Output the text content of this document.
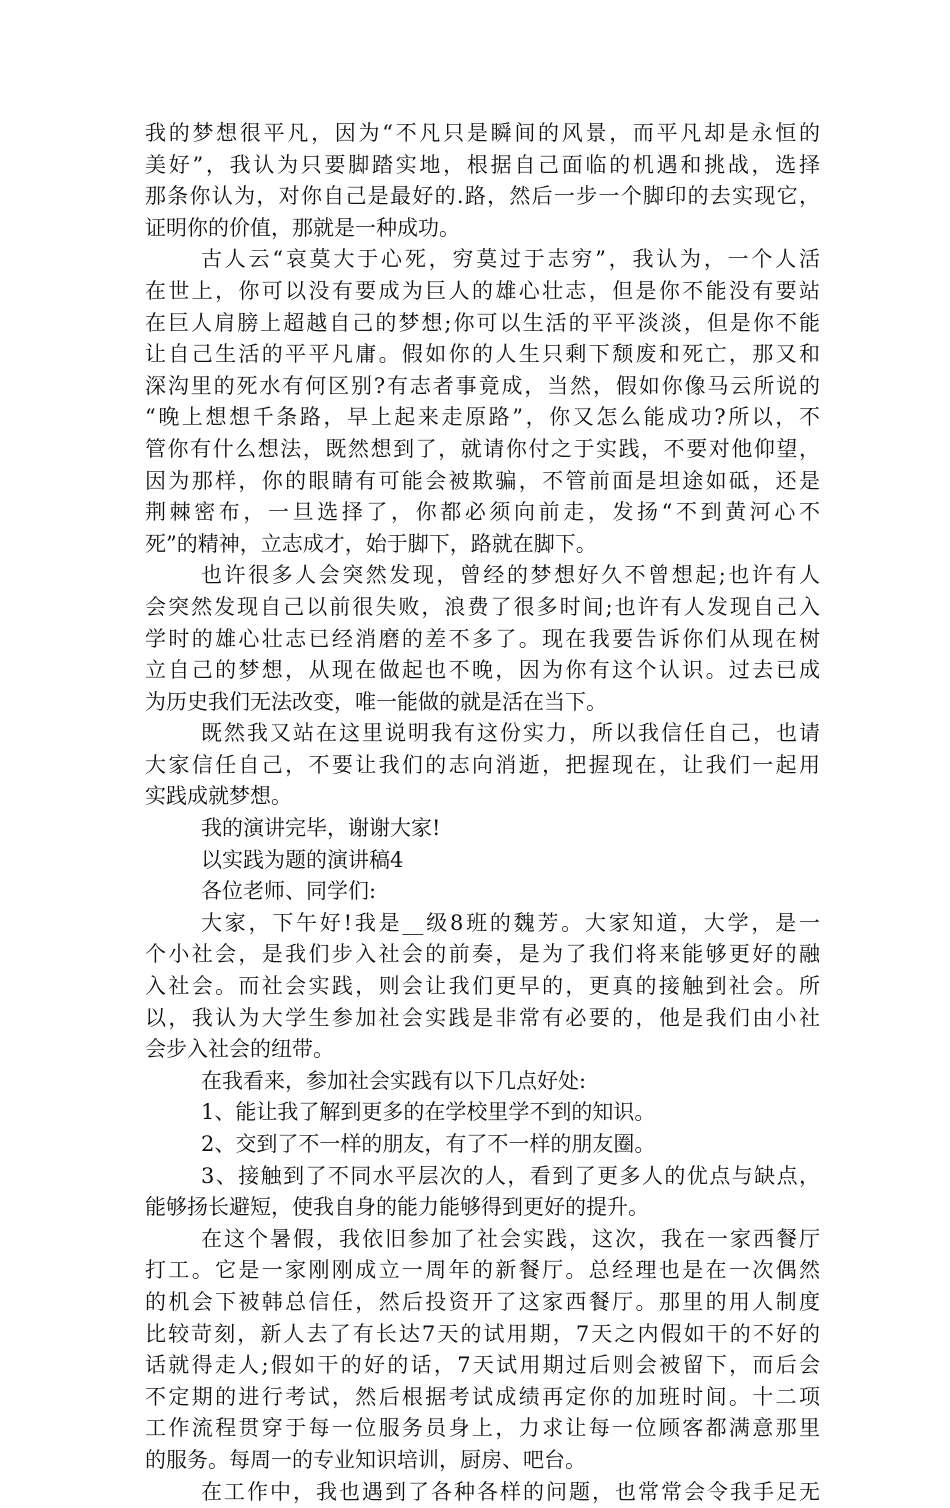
我的梦想很平凡，因为“不凡只是瞬间的风景，而平凡却是永恒的
美好”，我认为只要脚踏实地，根据自己面临的机遇和挑战，选择
那条你认为，对你自己是最好的.路，然后一步一个脚印的去实现它，
证明你的价值，那就是一种成功。
古人云“哀莫大于心死，穷莫过于志穷”，我认为，一个人活
在世上，你可以没有要成为巨人的雄心壮志，但是你不能没有要站
在巨人肩膀上超越自己的梦想;你可以生活的平平淡淡，但是你不能
让自己生活的平平凡庸。假如你的人生只剩下颓废和死亡，那又和
深沟里的死水有何区别?有志者事竟成，当然，假如你像马云所说的
“晚上想想千条路，早上起来走原路”，你又怎么能成功?所以，不
管你有什么想法，既然想到了，就请你付之于实践，不要对他仰望，
因为那样，你的眼睛有可能会被欺骗，不管前面是坦途如砥，还是
荆棘密布，一旦选择了，你都必须向前走，发扬“不到黄河心不
死”的精神，立志成才，始于脚下，路就在脚下。
也许很多人会突然发现，曾经的梦想好久不曾想起;也许有人
会突然发现自己以前很失败，浪费了很多时间;也许有人发现自己入
学时的雄心壮志已经消磨的差不多了。现在我要告诉你们从现在树
立自己的梦想，从现在做起也不晚，因为你有这个认识。过去已成
为历史我们无法改变，唯一能做的就是活在当下。
既然我又站在这里说明我有这份实力，所以我信任自己，也请
大家信任自己，不要让我们的志向消逝，把握现在，让我们一起用
实践成就梦想。
我的演讲完毕，谢谢大家!
以实践为题的演讲稿4
各位老师、同学们:
大家，下午好!我是__级8班的魏芳。大家知道，大学，是一
个小社会，是我们步入社会的前奏，是为了我们将来能够更好的融
入社会。而社会实践，则会让我们更早的，更真的接触到社会。所
以，我认为大学生参加社会实践是非常有必要的，他是我们由小社
会步入社会的纽带。
在我看来，参加社会实践有以下几点好处:
1、能让我了解到更多的在学校里学不到的知识。
2、交到了不一样的朋友，有了不一样的朋友圈。
3、接触到了不同水平层次的人，看到了更多人的优点与缺点，
能够扬长避短，使我自身的能力能够得到更好的提升。
在这个暑假，我依旧参加了社会实践，这次，我在一家西餐厅
打工。它是一家刚刚成立一周年的新餐厅。总经理也是在一次偶然
的机会下被韩总信任，然后投资开了这家西餐厅。那里的用人制度
比较苛刻，新人去了有长达7天的试用期，7天之内假如干的不好的
话就得走人;假如干的好的话，7天试用期过后则会被留下，而后会
不定期的进行考试，然后根据考试成绩再定你的加班时间。十二项
工作流程贯穿于每一位服务员身上，力求让每一位顾客都满意那里
的服务。每周一的专业知识培训，厨房、吧台。
在工作中，我也遇到了各种各样的问题，也常常会令我手足无
